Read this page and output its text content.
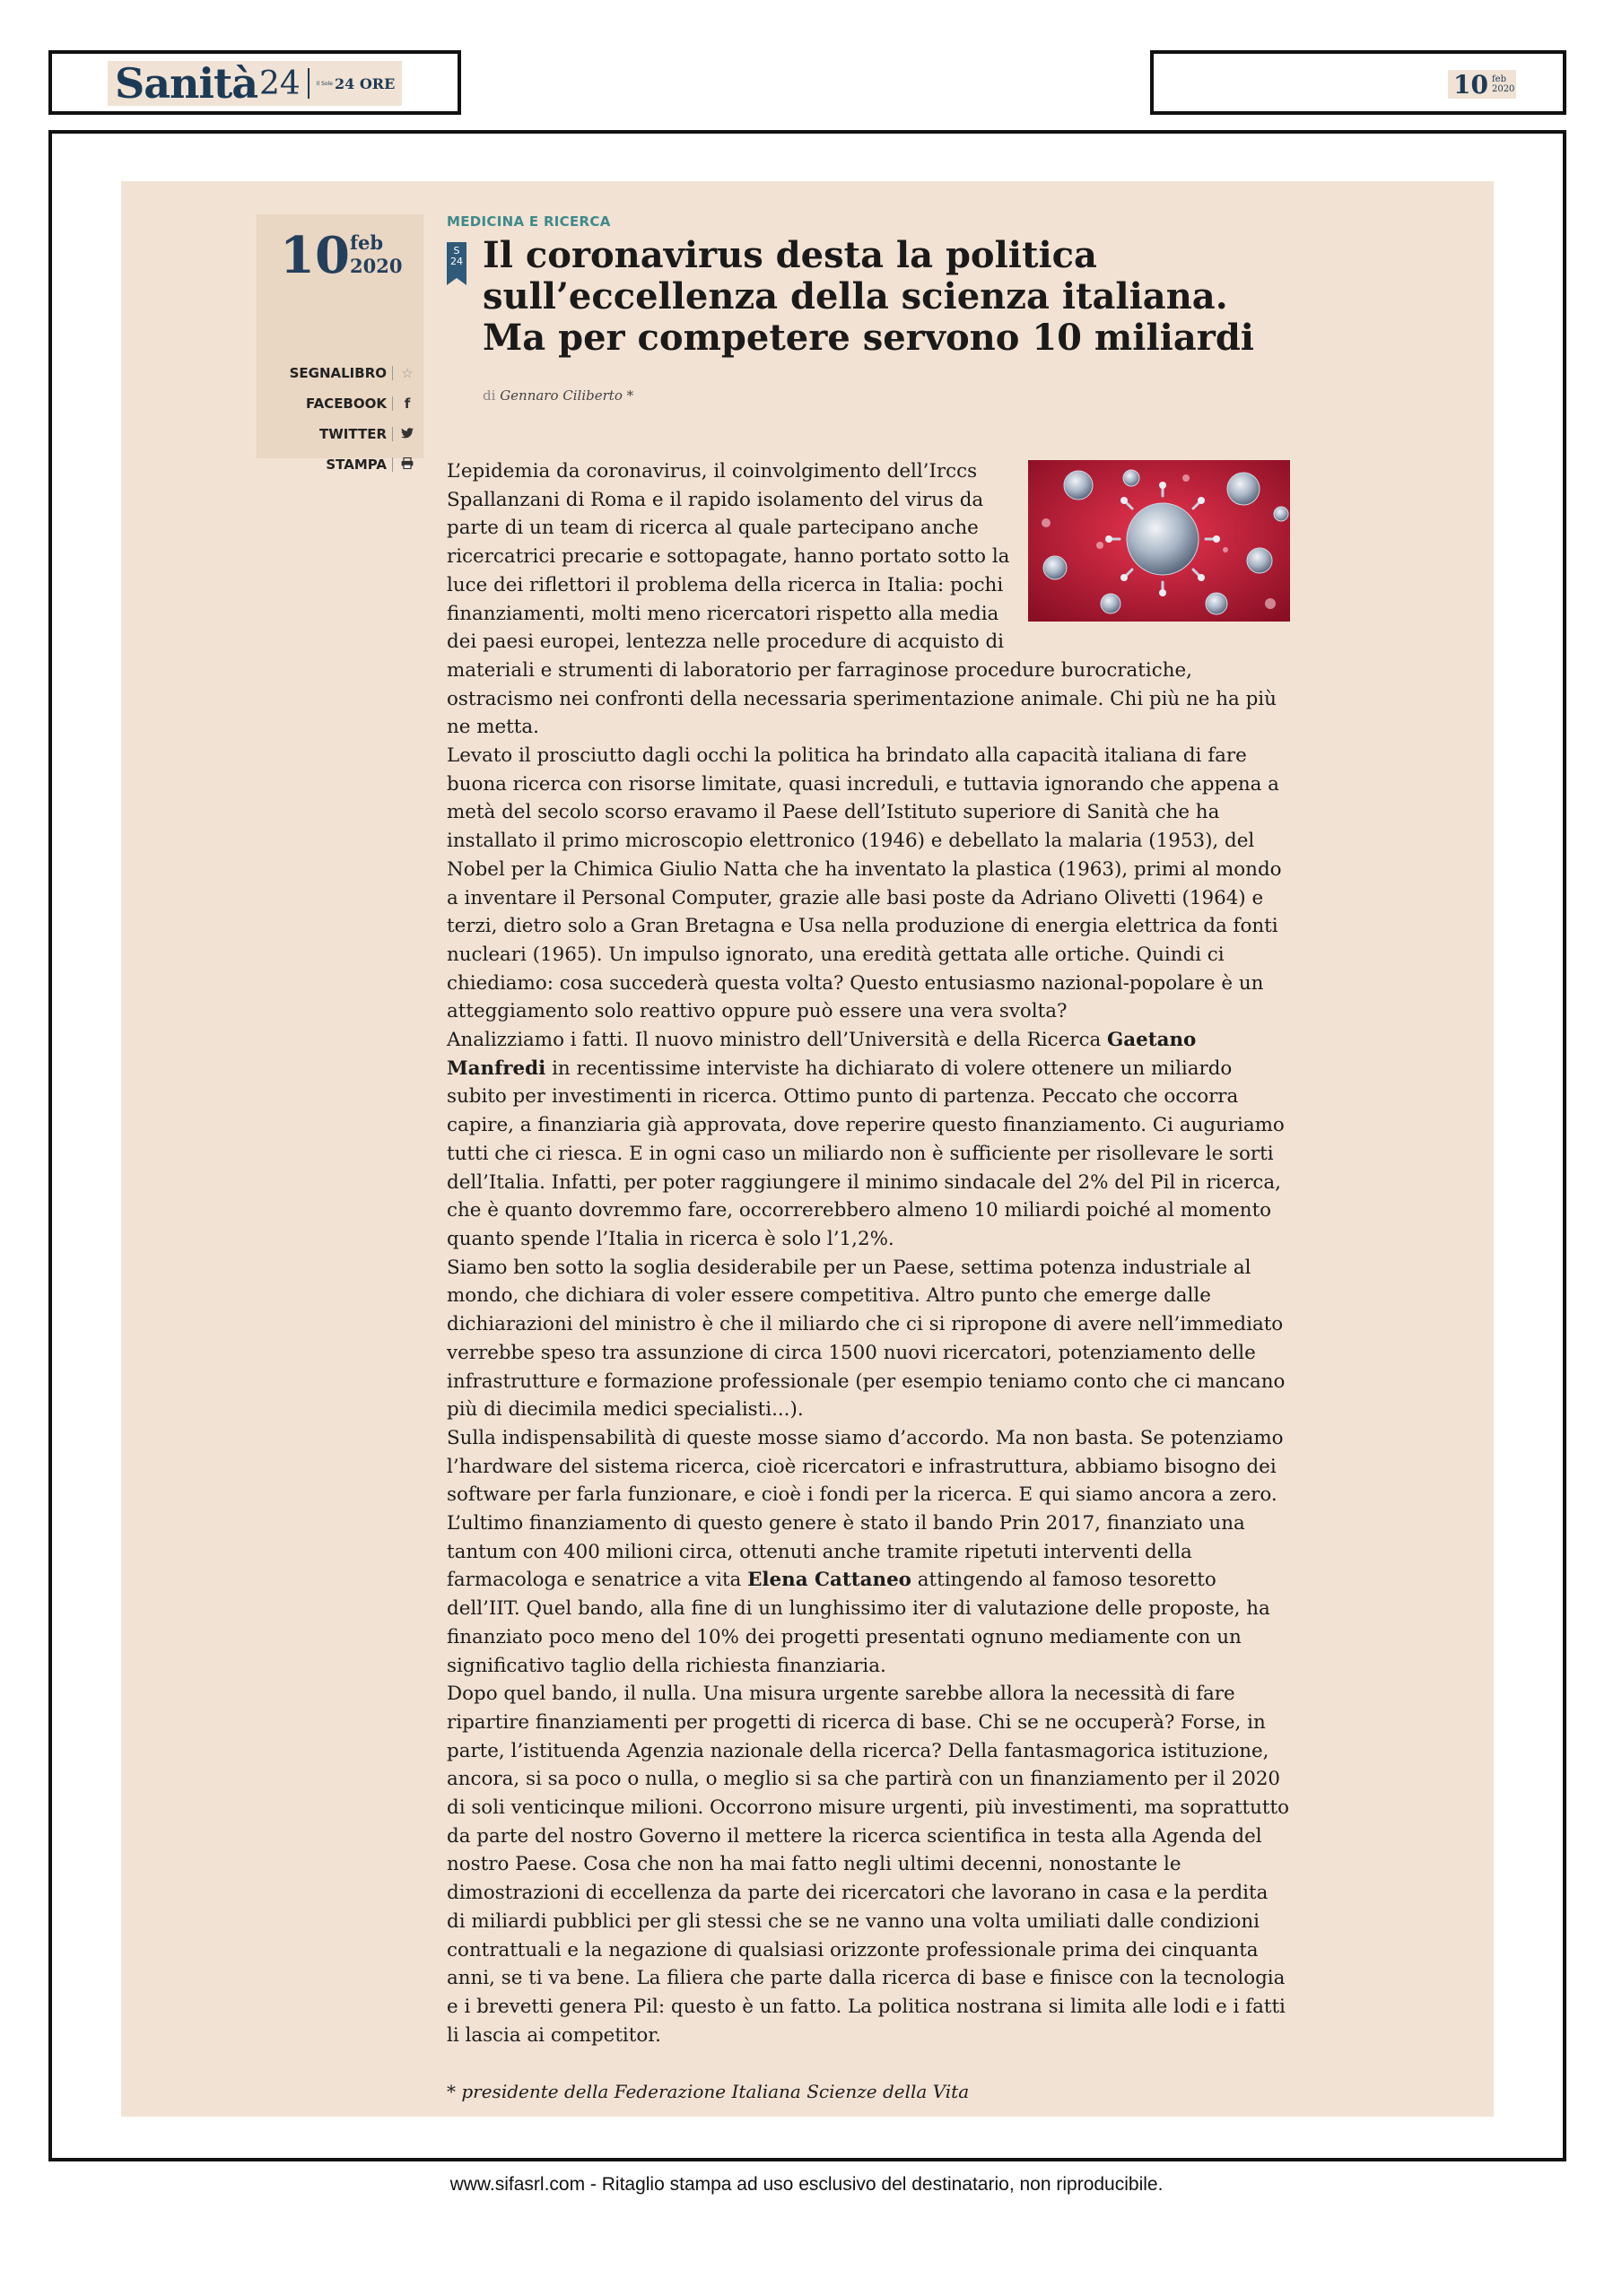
Sanità 24	Il Sole 24 ORE	10 feb
2020
10 feb
2020
SEGNALIBRO ☆
FACEBOOK	f
TWITTER
STAMPA
MEDICINA E RICERCA
S
24 Il coronavirus desta la politica sull’eccellenza della scienza italiana. Ma per competere servono 10 miliardi
di Gennaro Ciliberto *

L’epidemia da coronavirus, il coinvolgimento dell’Irccs Spallanzani di Roma e il rapido isolamento del virus da parte di un team di ricerca al quale partecipano anche ricercatrici precarie e sottopagate, hanno portato sotto la luce dei riflettori il problema della ricerca in Italia: pochi finanziamenti, molti meno ricercatori rispetto alla media dei paesi europei, lentezza nelle procedure di acquisto di materiali e strumenti di laboratorio per farraginose procedure burocratiche, ostracismo nei confronti della necessaria sperimentazione animale. Chi più ne ha più ne metta.

Levato il prosciutto dagli occhi la politica ha brindato alla capacità italiana di fare buona ricerca con risorse limitate, quasi increduli, e tuttavia ignorando che appena a metà del secolo scorso eravamo il Paese dell’Istituto superiore di Sanità che ha installato il primo microscopio elettronico (1946) e debellato la malaria (1953), del Nobel per la Chimica Giulio Natta che ha inventato la plastica (1963), primi al mondo a inventare il Personal Computer, grazie alle basi poste da Adriano Olivetti (1964) e terzi, dietro solo a Gran Bretagna e Usa nella produzione di energia elettrica da fonti nucleari (1965). Un impulso ignorato, una eredità gettata alle ortiche. Quindi ci chiediamo: cosa succederà questa volta? Questo entusiasmo nazional-popolare è un atteggiamento solo reattivo oppure può essere una vera svolta?

Analizziamo i fatti. Il nuovo ministro dell’Università e della Ricerca Gaetano Manfredi in recentissime interviste ha dichiarato di volere ottenere un miliardo subito per investimenti in ricerca. Ottimo punto di partenza. Peccato che occorra capire, a finanziaria già approvata, dove reperire questo finanziamento. Ci auguriamo tutti che ci riesca. E in ogni caso un miliardo non è sufficiente per risollevare le sorti dell’Italia. Infatti, per poter raggiungere il minimo sindacale del 2% del Pil in ricerca, che è quanto dovremmo fare, occorrerebbero almeno 10 miliardi poiché al momento quanto spende l’Italia in ricerca è solo l’1,2%.

Siamo ben sotto la soglia desiderabile per un Paese, settima potenza industriale al mondo, che dichiara di voler essere competitiva. Altro punto che emerge dalle dichiarazioni del ministro è che il miliardo che ci si ripropone di avere nell’immediato verrebbe speso tra assunzione di circa 1500 nuovi ricercatori, potenziamento delle infrastrutture e formazione professionale (per esempio teniamo conto che ci mancano più di diecimila medici specialisti...).

Sulla indispensabilità di queste mosse siamo d’accordo. Ma non basta. Se potenziamo l’hardware del sistema ricerca, cioè ricercatori e infrastruttura, abbiamo bisogno dei software per farla funzionare, e cioè i fondi per la ricerca. E qui siamo ancora a zero. L’ultimo finanziamento di questo genere è stato il bando Prin 2017, finanziato una tantum con 400 milioni circa, ottenuti anche tramite ripetuti interventi della farmacologa e senatrice a vita Elena Cattaneo attingendo al famoso tesoretto dell’IIT. Quel bando, alla fine di un lunghissimo iter di valutazione delle proposte, ha finanziato poco meno del 10% dei progetti presentati ognuno mediamente con un significativo taglio della richiesta finanziaria.

Dopo quel bando, il nulla. Una misura urgente sarebbe allora la necessità di fare ripartire finanziamenti per progetti di ricerca di base. Chi se ne occuperà? Forse, in parte, l’istituenda Agenzia nazionale della ricerca? Della fantasmagorica istituzione, ancora, si sa poco o nulla, o meglio si sa che partirà con un finanziamento per il 2020 di soli venticinque milioni. Occorrono misure urgenti, più investimenti, ma soprattutto da parte del nostro Governo il mettere la ricerca scientifica in testa alla Agenda del nostro Paese. Cosa che non ha mai fatto negli ultimi decenni, nonostante le dimostrazioni di eccellenza da parte dei ricercatori che lavorano in casa e la perdita di miliardi pubblici per gli stessi che se ne vanno una volta umiliati dalle condizioni contrattuali e la negazione di qualsiasi orizzonte professionale prima dei cinquanta anni, se ti va bene. La filiera che parte dalla ricerca di base e finisce con la tecnologia e i brevetti genera Pil: questo è un fatto. La politica nostrana si limita alle lodi e i fatti li lascia ai competitor.

* presidente della Federazione Italiana Scienze della Vita
www.sifasrl.com - Ritaglio stampa ad uso esclusivo del destinatario, non riproducibile.
